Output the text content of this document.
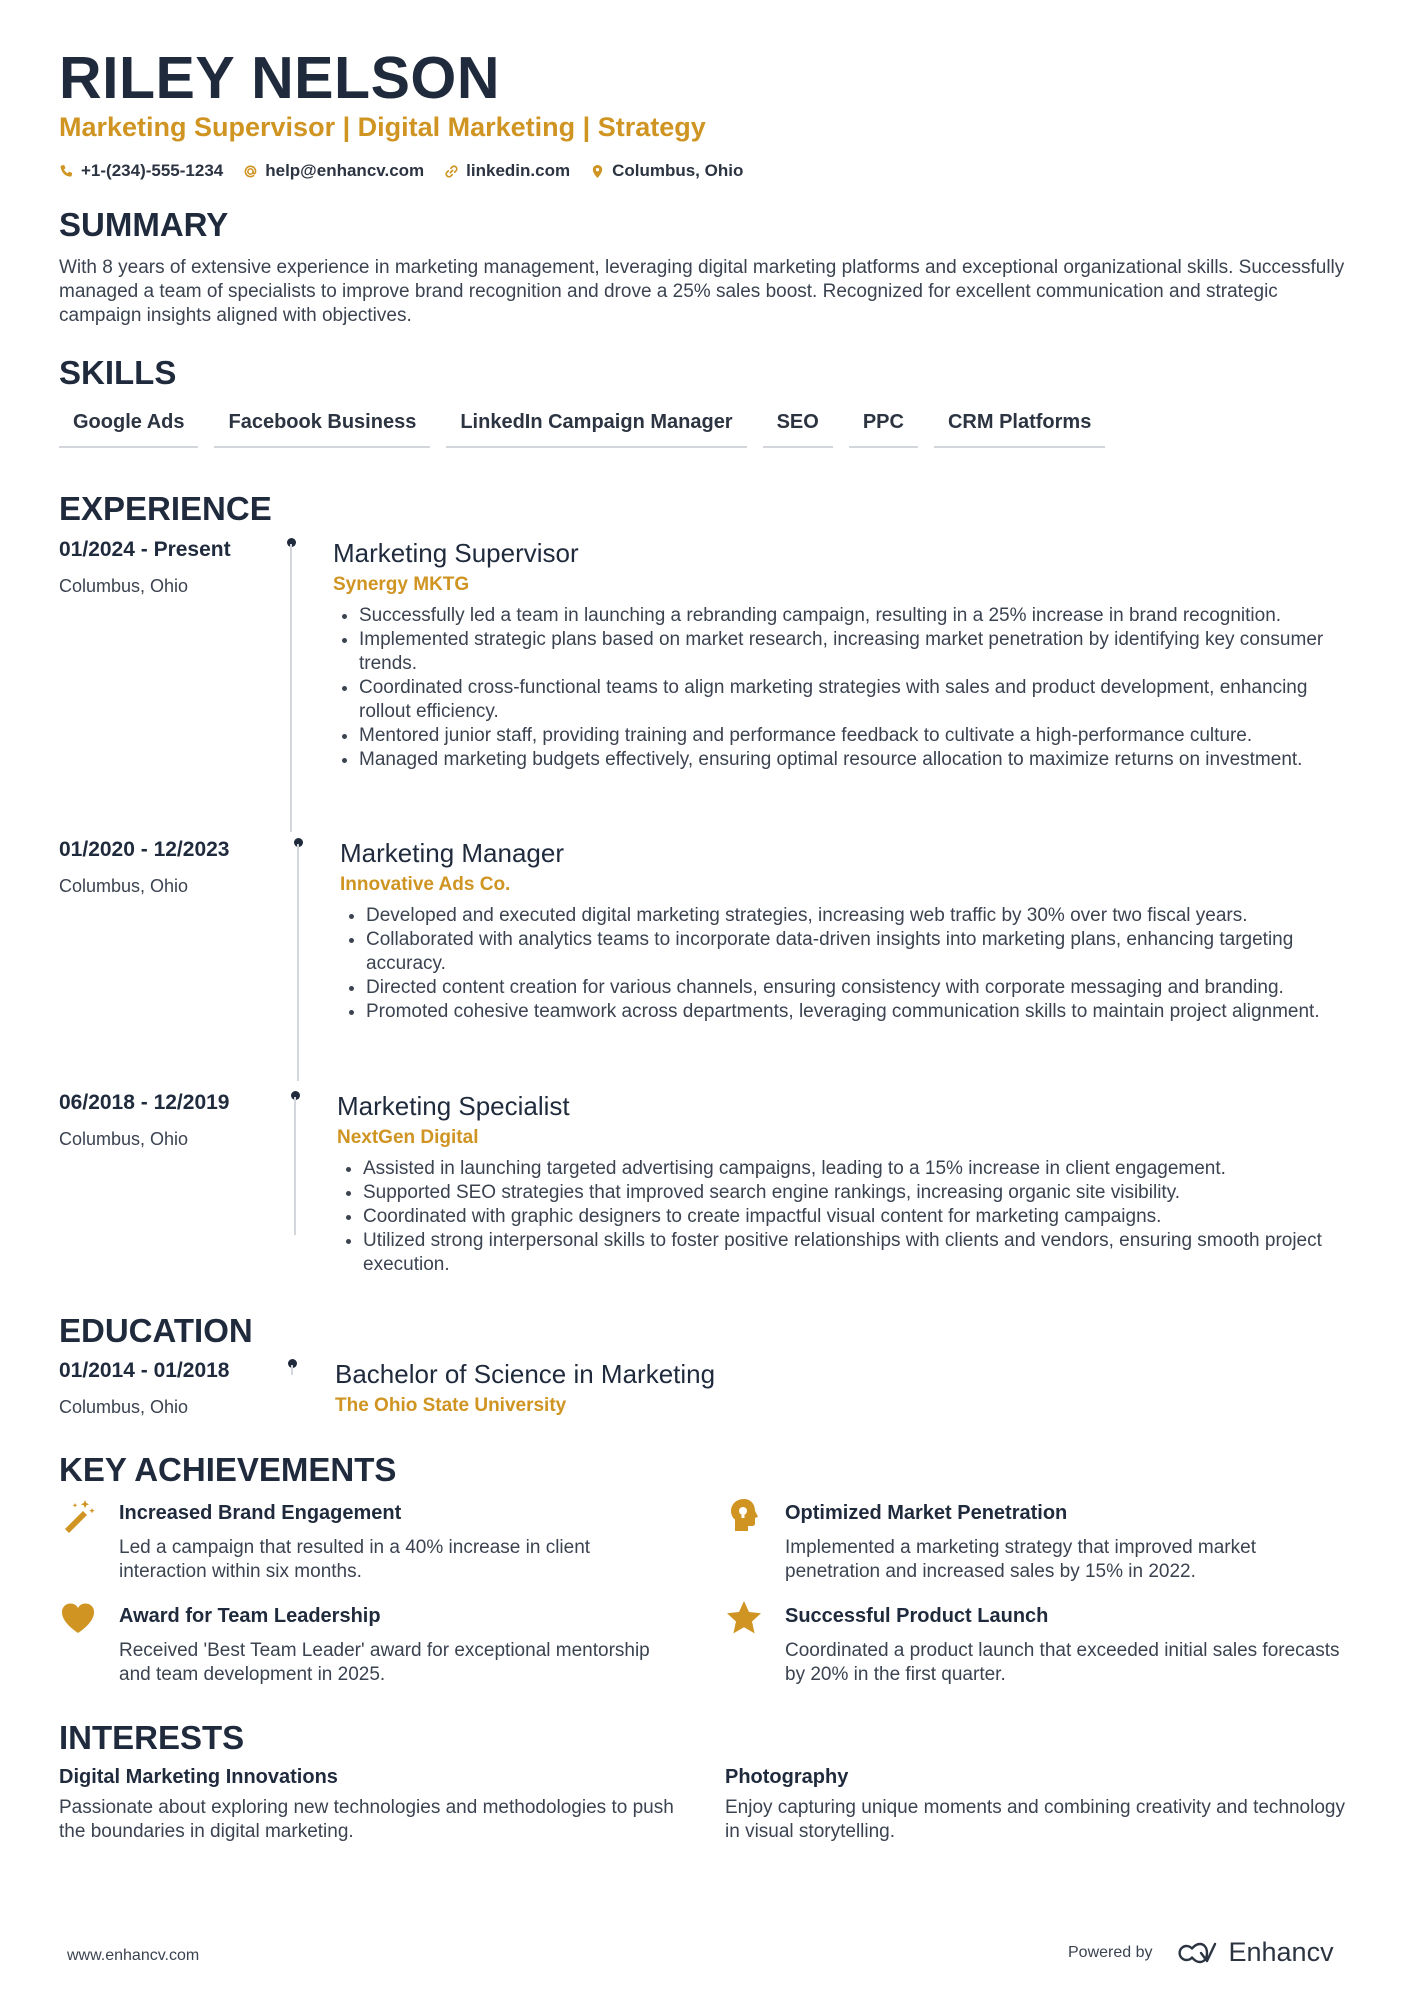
RILEY NELSON
Marketing Supervisor | Digital Marketing | Strategy
+1-(234)-555-1234 help@enhancv.com linkedin.com Columbus, Ohio
SUMMARY
With 8 years of extensive experience in marketing management, leveraging digital marketing platforms and exceptional organizational skills. Successfully managed a team of specialists to improve brand recognition and drove a 25% sales boost. Recognized for excellent communication and strategic campaign insights aligned with objectives.
SKILLS
Google Ads	Facebook Business	LinkedIn Campaign Manager	SEO	PPC	CRM Platforms
EXPERIENCE
01/2024 - Present
Columbus, Ohio
Marketing Supervisor
Synergy MKTG
• Successfully led a team in launching a rebranding campaign, resulting in a 25% increase in brand recognition.
• Implemented strategic plans based on market research, increasing market penetration by identifying key consumer trends.
• Coordinated cross-functional teams to align marketing strategies with sales and product development, enhancing rollout efficiency.
• Mentored junior staff, providing training and performance feedback to cultivate a high-performance culture.
• Managed marketing budgets effectively, ensuring optimal resource allocation to maximize returns on investment.
01/2020 - 12/2023
Columbus, Ohio
Marketing Manager
Innovative Ads Co.
• Developed and executed digital marketing strategies, increasing web traffic by 30% over two fiscal years.
• Collaborated with analytics teams to incorporate data-driven insights into marketing plans, enhancing targeting accuracy.
• Directed content creation for various channels, ensuring consistency with corporate messaging and branding.
• Promoted cohesive teamwork across departments, leveraging communication skills to maintain project alignment.
06/2018 - 12/2019
Columbus, Ohio
Marketing Specialist
NextGen Digital
• Assisted in launching targeted advertising campaigns, leading to a 15% increase in client engagement.
• Supported SEO strategies that improved search engine rankings, increasing organic site visibility.
• Coordinated with graphic designers to create impactful visual content for marketing campaigns.
• Utilized strong interpersonal skills to foster positive relationships with clients and vendors, ensuring smooth project execution.
EDUCATION
01/2014 - 01/2018
Columbus, Ohio
Bachelor of Science in Marketing
The Ohio State University
KEY ACHIEVEMENTS
Increased Brand Engagement
Led a campaign that resulted in a 40% increase in client interaction within six months.
Optimized Market Penetration
Implemented a marketing strategy that improved market penetration and increased sales by 15% in 2022.
Award for Team Leadership
Received 'Best Team Leader' award for exceptional mentorship and team development in 2025.
Successful Product Launch
Coordinated a product launch that exceeded initial sales forecasts by 20% in the first quarter.
INTERESTS
Digital Marketing Innovations
Passionate about exploring new technologies and methodologies to push the boundaries in digital marketing.
Photography
Enjoy capturing unique moments and combining creativity and technology in visual storytelling.
www.enhancv.com	Powered by	Enhancv
